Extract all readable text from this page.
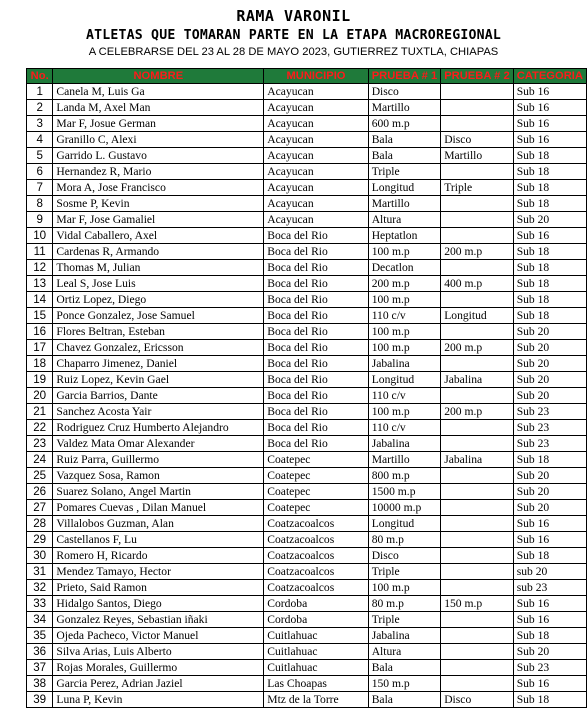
RAMA VARONIL
ATLETAS QUE TOMARAN PARTE EN LA ETAPA MACROREGIONAL
A CELEBRARSE DEL 23 AL 28 DE MAYO 2023, GUTIERREZ TUXTLA, CHIAPAS
No.	NOMBRE	MUNICIPIO	PRUEBA # 1	PRUEBA # 2	CATEGORIA
1	Canela M, Luis Ga	Acayucan	Disco		Sub 16
2	Landa M, Axel Man	Acayucan	Martillo		Sub 16
3	Mar F, Josue German	Acayucan	600 m.p		Sub 16
4	Granillo C, Alexi	Acayucan	Bala	Disco	Sub 16
5	Garrido L. Gustavo	Acayucan	Bala	Martillo	Sub 18
6	Hernandez R, Mario	Acayucan	Triple		Sub 18
7	Mora A, Jose Francisco	Acayucan	Longitud	Triple	Sub 18
8	Sosme P, Kevin	Acayucan	Martillo		Sub 18
9	Mar F, Jose Gamaliel	Acayucan	Altura		Sub 20
10	Vidal Caballero, Axel	Boca del Rio	Heptatlon		Sub 16
11	Cardenas R, Armando	Boca del Rio	100 m.p	200 m.p	Sub 18
12	Thomas M, Julian	Boca del Rio	Decatlon		Sub 18
13	Leal S, Jose Luis	Boca del Rio	200 m.p	400 m.p	Sub 18
14	Ortiz Lopez, Diego	Boca del Rio	100 m.p		Sub 18
15	Ponce Gonzalez, Jose Samuel	Boca del Rio	110 c/v	Longitud	Sub 18
16	Flores Beltran, Esteban	Boca del Rio	100 m.p		Sub 20
17	Chavez Gonzalez, Ericsson	Boca del Rio	100 m.p	200 m.p	Sub 20
18	Chaparro Jimenez, Daniel	Boca del Rio	Jabalina		Sub 20
19	Ruiz Lopez, Kevin Gael	Boca del Rio	Longitud	Jabalina	Sub 20
20	Garcia Barrios, Dante	Boca del Rio	110 c/v		Sub 20
21	Sanchez Acosta Yair	Boca del Rio	100 m.p	200 m.p	Sub 23
22	Rodriguez Cruz Humberto Alejandro	Boca del Rio	110 c/v		Sub 23
23	Valdez Mata Omar Alexander	Boca del Rio	Jabalina		Sub 23
24	Ruiz Parra, Guillermo	Coatepec	Martillo	Jabalina	Sub 18
25	Vazquez Sosa, Ramon	Coatepec	800 m.p		Sub 20
26	Suarez Solano, Angel Martin	Coatepec	1500 m.p		Sub 20
27	Pomares Cuevas , Dilan Manuel	Coatepec	10000 m.p		Sub 20
28	Villalobos Guzman, Alan	Coatzacoalcos	Longitud		Sub 16
29	Castellanos F, Lu	Coatzacoalcos	80 m.p		Sub 16
30	Romero H, Ricardo	Coatzacoalcos	Disco		Sub 18
31	Mendez Tamayo, Hector	Coatzacoalcos	Triple		sub 20
32	Prieto, Said Ramon	Coatzacoalcos	100 m.p		sub 23
33	Hidalgo Santos, Diego	Cordoba	80 m.p	150 m.p	Sub 16
34	Gonzalez Reyes, Sebastian iñaki	Cordoba	Triple		Sub 16
35	Ojeda Pacheco, Victor Manuel	Cuitlahuac	Jabalina		Sub 18
36	Silva Arias, Luis Alberto	Cuitlahuac	Altura		Sub 20
37	Rojas Morales, Guillermo	Cuitlahuac	Bala		Sub 23
38	Garcia Perez, Adrian Jaziel	Las Choapas	150 m.p		Sub 16
39	Luna P, Kevin	Mtz de la Torre	Bala	Disco	Sub 18
